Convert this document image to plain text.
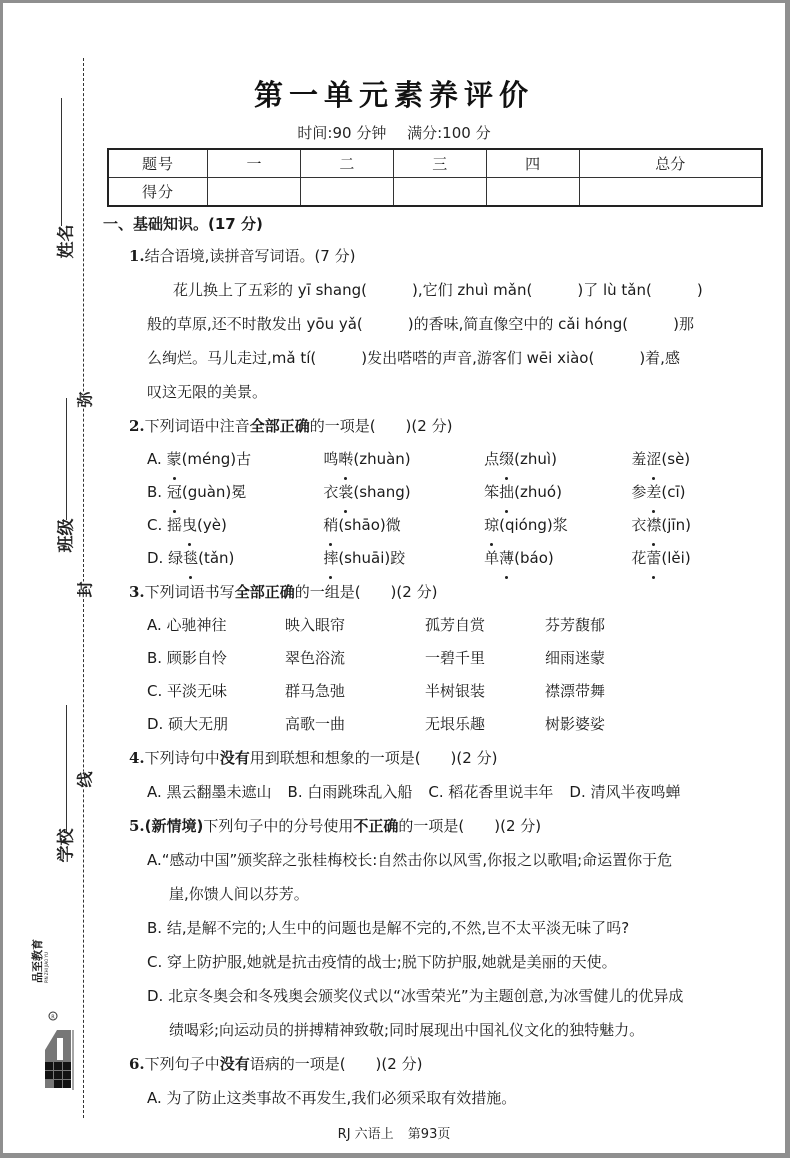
姓名
弥
班级
封
学校
线
R
品至教育 PIN ZHI JIAO YU
第一单元素养评价
时间:90 分钟 满分:100 分
题号	一	二	三	四	总分
得分					
一、基础知识。(17 分)
1.结合语境,读拼音写词语。(7 分)
花儿换上了五彩的 yī shang(　　　),它们 zhuì mǎn(　　　)了 lù tǎn(　　　)
般的草原,还不时散发出 yōu yǎ(　　　)的香味,简直像空中的 cǎi hóng(　　　)那
么绚烂。马儿走过,mǎ tí(　　　)发出嗒嗒的声音,游客们 wēi xiào(　　　)着,感
叹这无限的美景。
2.下列词语中注音全部正确的一项是(　　)(2 分)
A. 蒙(méng)古	鸣啭(zhuàn)	点缀(zhuì)	羞涩(sè)
B. 冠(guàn)冕	衣裳(shang)	笨拙(zhuó)	参差(cī)
C. 摇曳(yè)	稍(shāo)微	琼(qióng)浆	衣襟(jīn)
D. 绿毯(tǎn)	摔(shuāi)跤	单薄(báo)	花蕾(lěi)
3.下列词语书写全部正确的一组是(　　)(2 分)
A. 心驰神往	映入眼帘	孤芳自赏	芬芳馥郁
B. 顾影自怜	翠色浴流	一碧千里	细雨迷蒙
C. 平淡无味	群马急弛	半树银装	襟漂带舞
D. 硕大无朋	高歌一曲	无垠乐趣	树影婆娑
4.下列诗句中没有用到联想和想象的一项是(　　)(2 分)
A. 黑云翻墨未遮山 B. 白雨跳珠乱入船 C. 稻花香里说丰年 D. 清风半夜鸣蝉
5.(新情境)下列句子中的分号使用不正确的一项是(　　)(2 分)
A.“感动中国”颁奖辞之张桂梅校长:自然击你以风雪,你报之以歌唱;命运置你于危
崖,你馈人间以芬芳。
B. 结,是解不完的;人生中的问题也是解不完的,不然,岂不太平淡无味了吗?
C. 穿上防护服,她就是抗击疫情的战士;脱下防护服,她就是美丽的天使。
D. 北京冬奥会和冬残奥会颁奖仪式以“冰雪荣光”为主题创意,为冰雪健儿的优异成
绩喝彩;向运动员的拼搏精神致敬;同时展现出中国礼仪文化的独特魅力。
6.下列句子中没有语病的一项是(　　)(2 分)
A. 为了防止这类事故不再发生,我们必须采取有效措施。
RJ 六语上 第93页
